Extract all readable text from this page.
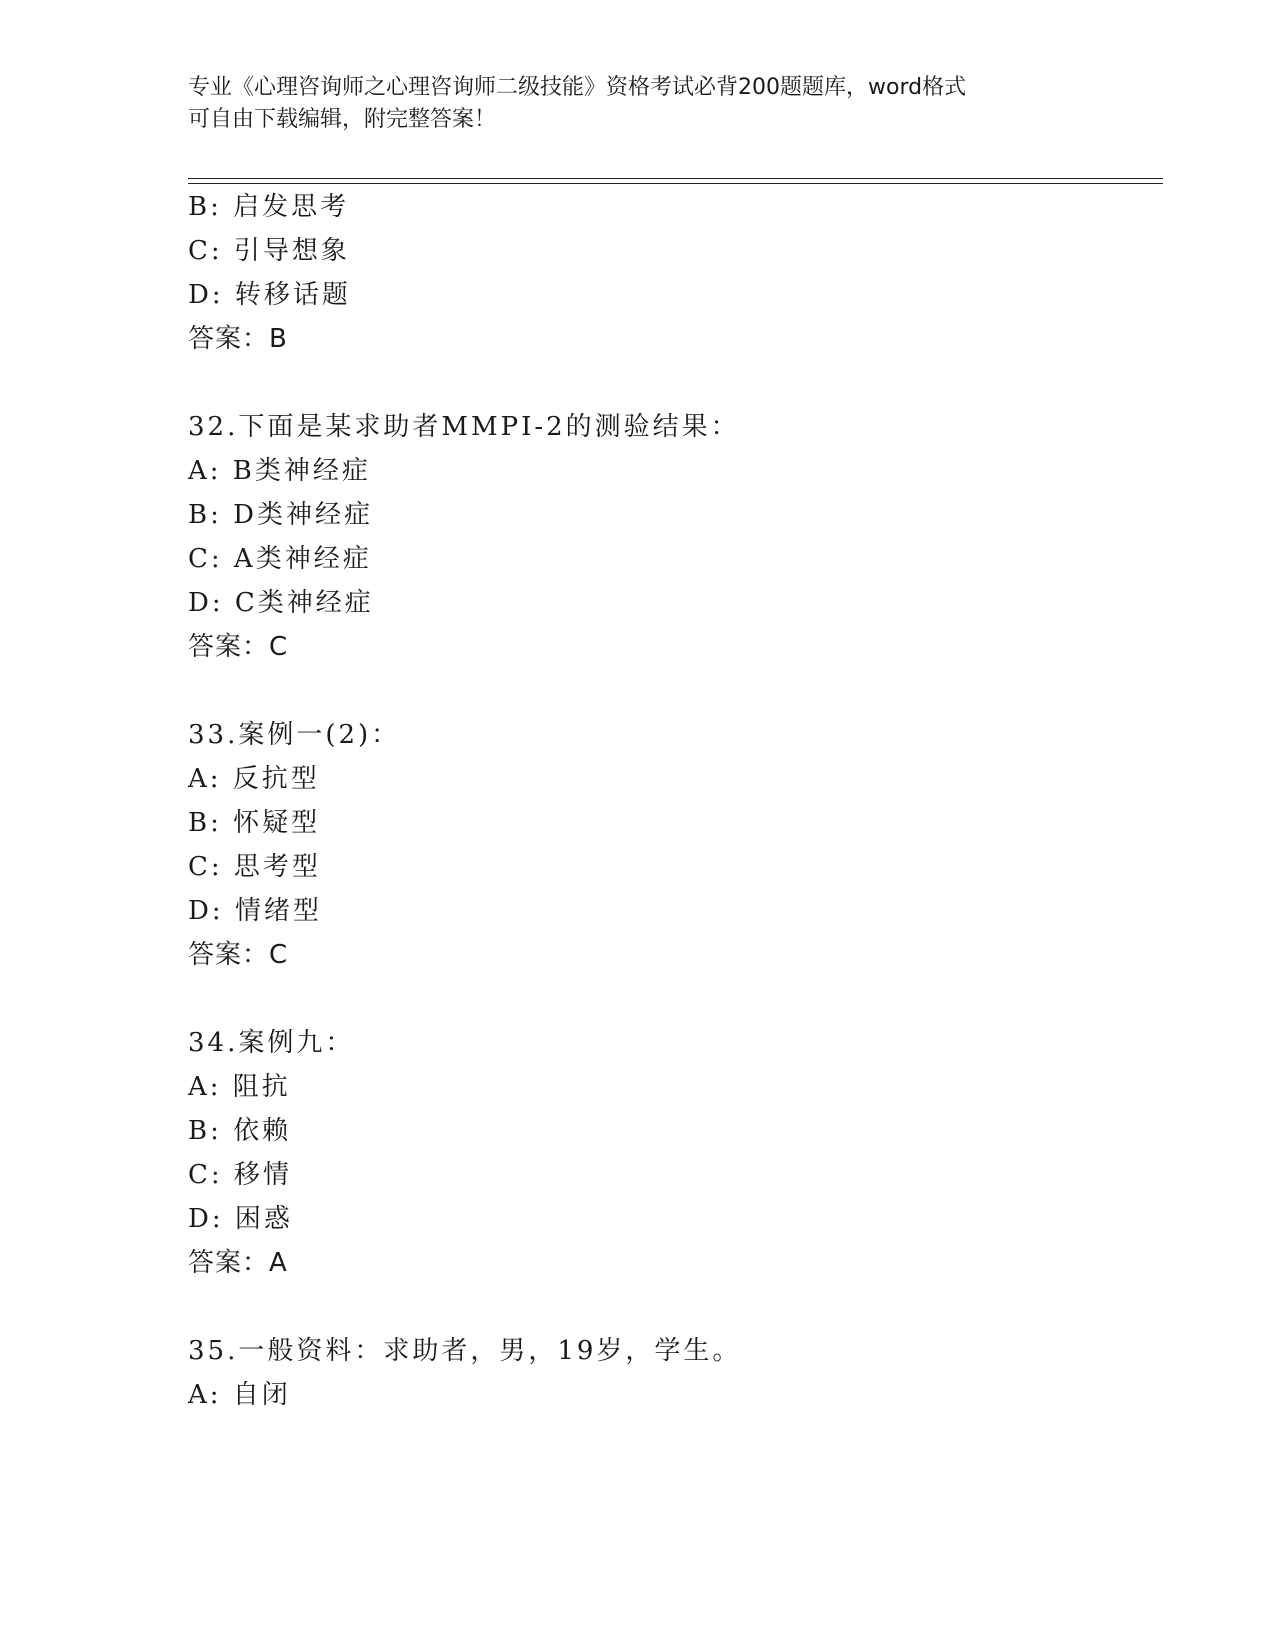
专业《心理咨询师之心理咨询师二级技能》资格考试必背200题题库，word格式
可自由下载编辑，附完整答案！
B: 启发思考
C: 引导想象
D: 转移话题
答案：B
32.下面是某求助者MMPI-2的测验结果：
A: B类神经症
B: D类神经症
C: A类神经症
D: C类神经症
答案：C
33.案例一(2)：
A: 反抗型
B: 怀疑型
C: 思考型
D: 情绪型
答案：C
34.案例九：
A: 阻抗
B: 依赖
C: 移情
D: 困惑
答案：A
35.一般资料：求助者，男，19岁，学生。
A: 自闭
